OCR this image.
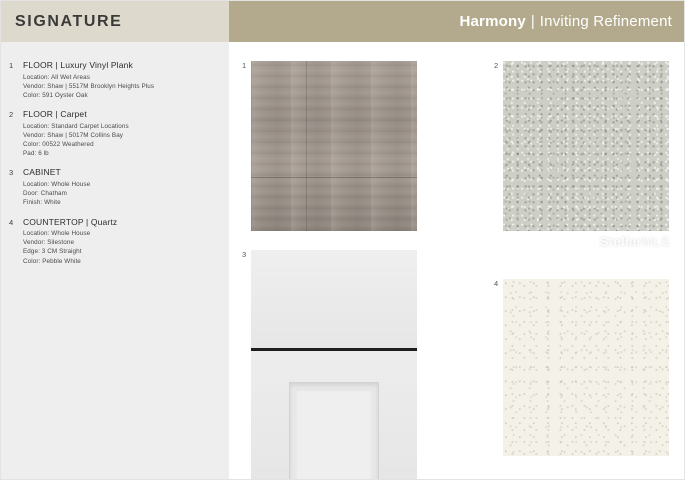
SIGNATURE	Harmony | Inviting Refinement
1	FLOOR | Luxury Vinyl Plank
Location: All Wet Areas
Vendor: Shaw | 5517M Brooklyn Heights Plus
Color: 591 Oyster Oak
2	FLOOR | Carpet
Location: Standard Carpet Locations
Vendor: Shaw | 5017M Collins Bay
Color: 00522 Weathered
Pad: 6 lb
3	CABINET
Location: Whole House
Door: Chatham
Finish: White
4	COUNTERTOP | Quartz
Location: Whole House
Vendor: Silestone
Edge: 3 CM Straight
Color: Pebble White
1	2
3
4
StellarMLS
